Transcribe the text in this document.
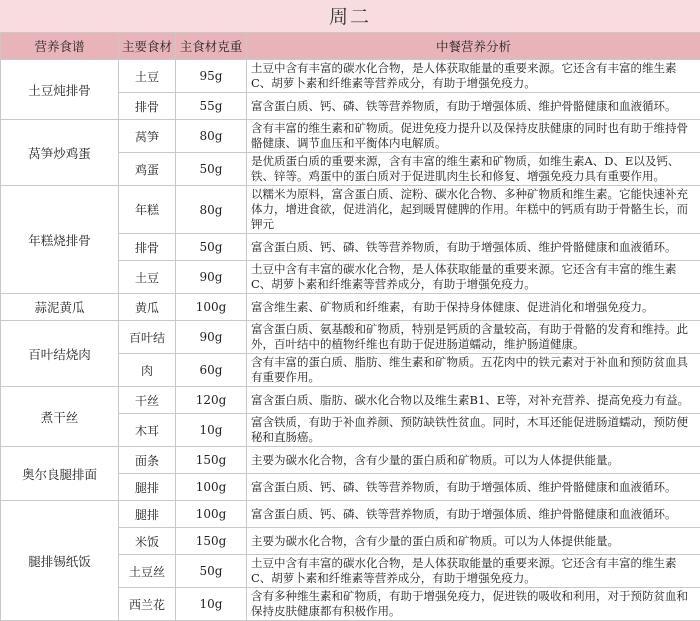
周二
营养食谱	主要食材	主食材克重	中餐营养分析
土豆炖排骨	土豆	95g	土豆中含有丰富的碳水化合物，是人体获取能量的重要来源。它还含有丰富的维生素C、胡萝卜素和纤维素等营养成分，有助于增强免疫力。
	排骨	55g	富含蛋白质、钙、磷、铁等营养物质，有助于增强体质、维护骨骼健康和血液循环。
莴笋炒鸡蛋	莴笋	80g	含有丰富的维生素和矿物质。促进免疫力提升以及保持皮肤健康的同时也有助于维持骨骼健康、调节血压和平衡体内电解质。
	鸡蛋	50g	是优质蛋白质的重要来源，含有丰富的维生素和矿物质，如维生素A、D、E以及钙、铁、锌等。鸡蛋中的蛋白质对于促进肌肉生长和修复、增强免疫力具有重要作用。
年糕烧排骨	年糕	80g	以糯米为原料，富含蛋白质、淀粉、碳水化合物、多种矿物质和维生素。它能快速补充体力，增进食欲，促进消化，起到暖胃健脾的作用。年糕中的钙质有助于骨骼生长，而钾元
	排骨	50g	富含蛋白质、钙、磷、铁等营养物质，有助于增强体质、维护骨骼健康和血液循环。
	土豆	90g	土豆中含有丰富的碳水化合物，是人体获取能量的重要来源。它还含有丰富的维生素C、胡萝卜素和纤维素等营养成分，有助于增强免疫力。
蒜泥黄瓜	黄瓜	100g	富含维生素、矿物质和纤维素，有助于保持身体健康、促进消化和增强免疫力。
百叶结烧肉	百叶结	90g	富含蛋白质、氨基酸和矿物质，特别是钙质的含量较高，有助于骨骼的发育和维持。此外，百叶结中的植物纤维也有助于促进肠道蠕动，维护肠道健康。
	肉	60g	含有丰富的蛋白质、脂肪、维生素和矿物质。五花肉中的铁元素对于补血和预防贫血具有重要作用。
煮干丝	干丝	120g	富含蛋白质、脂肪、碳水化合物以及维生素B1、E等，对补充营养、提高免疫力有益。
	木耳	10g	富含铁质，有助于补血养颜、预防缺铁性贫血。同时，木耳还能促进肠道蠕动，预防便秘和直肠癌。
奥尔良腿排面	面条	150g	主要为碳水化合物，含有少量的蛋白质和矿物质。可以为人体提供能量。
	腿排	100g	富含蛋白质、钙、磷、铁等营养物质，有助于增强体质、维护骨骼健康和血液循环。
腿排锡纸饭	腿排	100g	富含蛋白质、钙、磷、铁等营养物质，有助于增强体质、维护骨骼健康和血液循环。
	米饭	150g	主要为碳水化合物，含有少量的蛋白质和矿物质。可以为人体提供能量。
	土豆丝	50g	土豆中含有丰富的碳水化合物，是人体获取能量的重要来源。它还含有丰富的维生素C、胡萝卜素和纤维素等营养成分，有助于增强免疫力。
	西兰花	10g	含有多种维生素和矿物质，有助于增强免疫力，促进铁的吸收和利用，对于预防贫血和保持皮肤健康都有积极作用。
